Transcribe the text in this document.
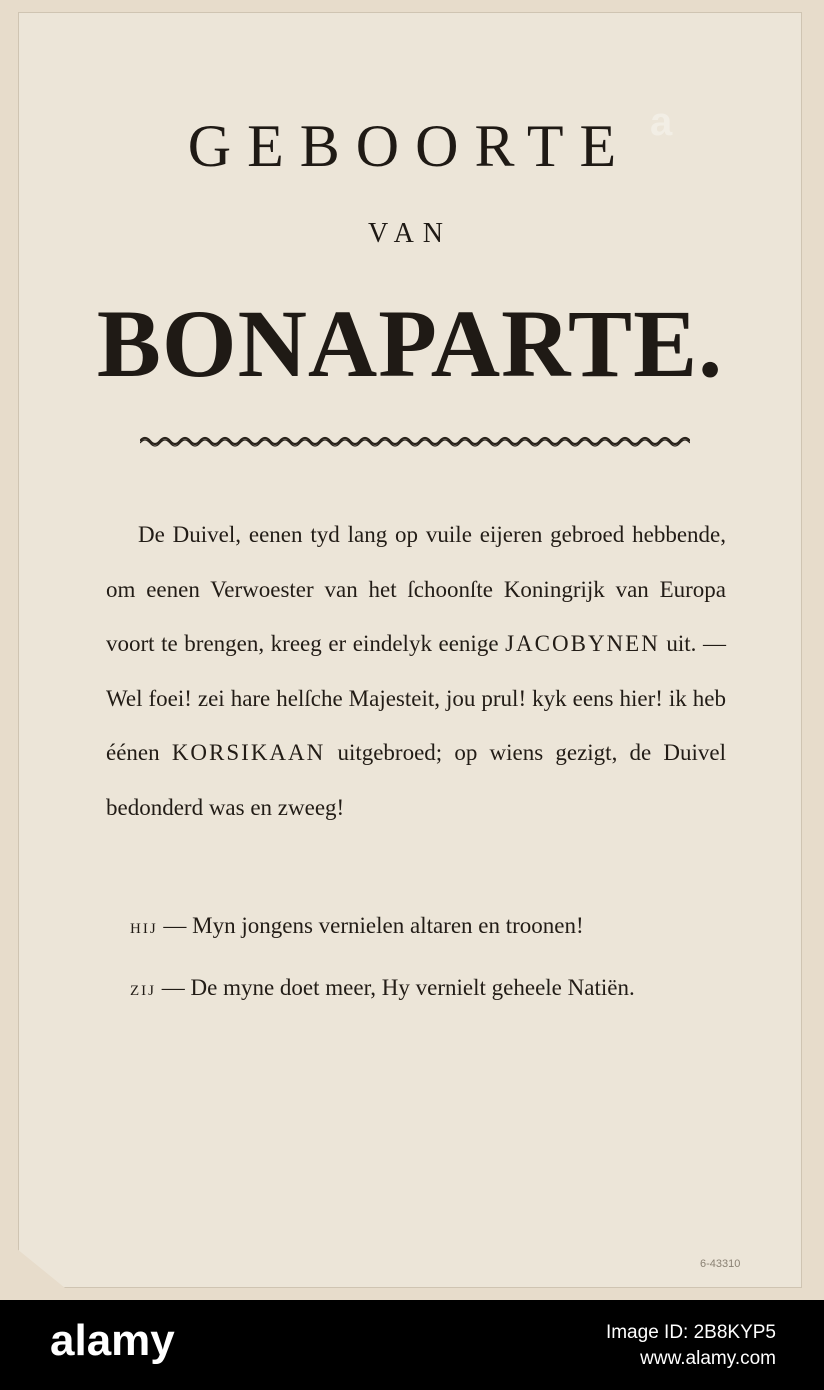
GEBOORTE
VAN
BONAPARTE.

De Duivel, eenen tyd lang op vuile eijeren gebroed hebbende, om eenen Verwoester van het ſchoonſte Koningrijk van Europa voort te brengen, kreeg er eindelyk eenige JACOBYNEN uit. — Wel foei! zei hare helſche Majesteit, jou prul! kyk eens hier! ik heb éénen KORSIKAAN uitgebroed; op wiens gezigt, de Duivel bedonderd was en zweeg!

HIJ — Myn jongens vernielen altaren en troonen!

ZIJ — De myne doet meer, Hy vernielt geheele Natiën.

6-43310
a
alamy	Image ID: 2B8KYP5
www.alamy.com
